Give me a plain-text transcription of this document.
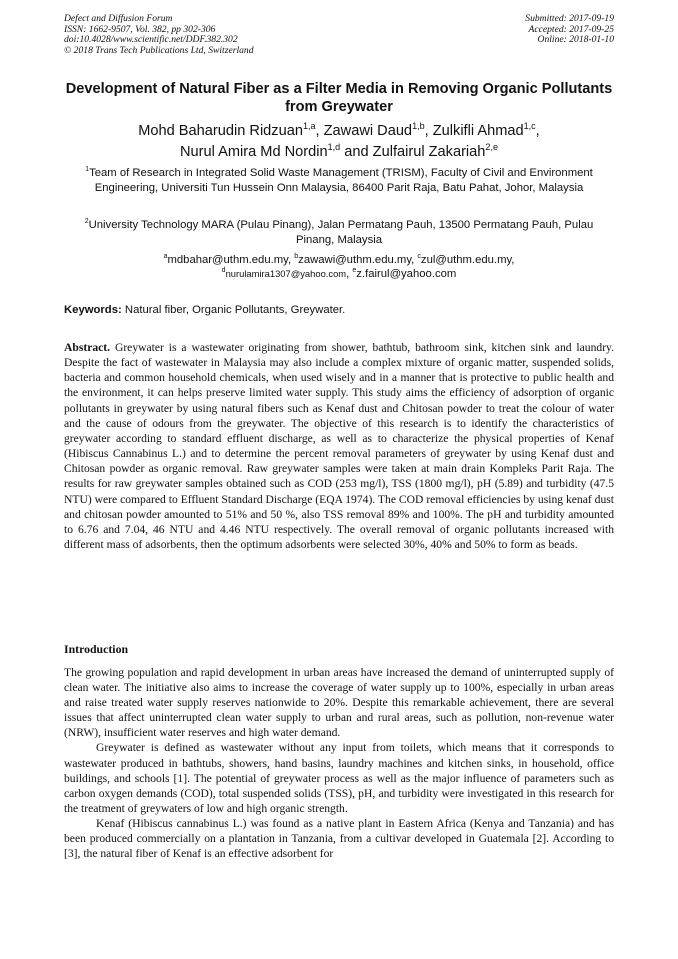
Defect and Diffusion Forum
ISSN: 1662-9507, Vol. 382, pp 302-306
doi:10.4028/www.scientific.net/DDF.382.302
© 2018 Trans Tech Publications Ltd, Switzerland
Submitted: 2017-09-19
Accepted: 2017-09-25
Online: 2018-01-10
Development of Natural Fiber as a Filter Media in Removing Organic Pollutants from Greywater
Mohd Baharudin Ridzuan$^{1,a}$, Zawawi Daud$^{1,b}$, Zulkifli Ahmad$^{1,c}$,
Nurul Amira Md Nordin$^{1,d}$ and Zulfairul Zakariah$^{2,e}$
$^1$Team of Research in Integrated Solid Waste Management (TRISM), Faculty of Civil and Environment Engineering, Universiti Tun Hussein Onn Malaysia, 86400 Parit Raja, Batu Pahat, Johor, Malaysia
$^2$University Technology MARA (Pulau Pinang), Jalan Permatang Pauh, 13500 Permatang Pauh, Pulau Pinang, Malaysia
$^a$mdbahar@uthm.edu.my, $^b$zawawi@uthm.edu.my, $^c$zul@uthm.edu.my,
$^d$nurulamira1307@yahoo.com, $^e$z.fairul@yahoo.com
Keywords: Natural fiber, Organic Pollutants, Greywater.
Abstract. Greywater is a wastewater originating from shower, bathtub, bathroom sink, kitchen sink and laundry. Despite the fact of wastewater in Malaysia may also include a complex mixture of organic matter, suspended solids, bacteria and common household chemicals, when used wisely and in a manner that is protective to public health and the environment, it can helps preserve limited water supply. This study aims the efficiency of adsorption of organic pollutants in greywater by using natural fibers such as Kenaf dust and Chitosan powder to treat the colour of water and the cause of odours from the greywater. The objective of this research is to identify the characteristics of greywater according to standard effluent discharge, as well as to characterize the physical properties of Kenaf (Hibiscus Cannabinus L.) and to determine the percent removal parameters of greywater by using Kenaf dust and Chitosan powder as organic removal. Raw greywater samples were taken at main drain Kompleks Parit Raja. The results for raw greywater samples obtained such as COD (253 mg/l), TSS (1800 mg/l), pH (5.89) and turbidity (47.5 NTU) were compared to Effluent Standard Discharge (EQA 1974). The COD removal efficiencies by using kenaf dust and chitosan powder amounted to 51% and 50 %, also TSS removal 89% and 100%. The pH and turbidity amounted to 6.76 and 7.04, 46 NTU and 4.46 NTU respectively. The overall removal of organic pollutants increased with different mass of adsorbents, then the optimum adsorbents were selected 30%, 40% and 50% to form as beads.
Introduction

The growing population and rapid development in urban areas have increased the demand of uninterrupted supply of clean water. The initiative also aims to increase the coverage of water supply up to 100%, especially in urban areas and raise treated water supply reserves nationwide to 20%. Despite this remarkable achievement, there are several issues that affect uninterrupted clean water supply to urban and rural areas, such as pollution, non-revenue water (NRW), insufficient water reserves and high water demand.

Greywater is defined as wastewater without any input from toilets, which means that it corresponds to wastewater produced in bathtubs, showers, hand basins, laundry machines and kitchen sinks, in household, office buildings, and schools [1]. The potential of greywater process as well as the major influence of parameters such as carbon oxygen demands (COD), total suspended solids (TSS), pH, and turbidity were investigated in this research for the treatment of greywaters of low and high organic strength.

Kenaf (Hibiscus cannabinus L.) was found as a native plant in Eastern Africa (Kenya and Tanzania) and has been produced commercially on a plantation in Tanzania, from a cultivar developed in Guatemala [2]. According to [3], the natural fiber of Kenaf is an effective adsorbent for
